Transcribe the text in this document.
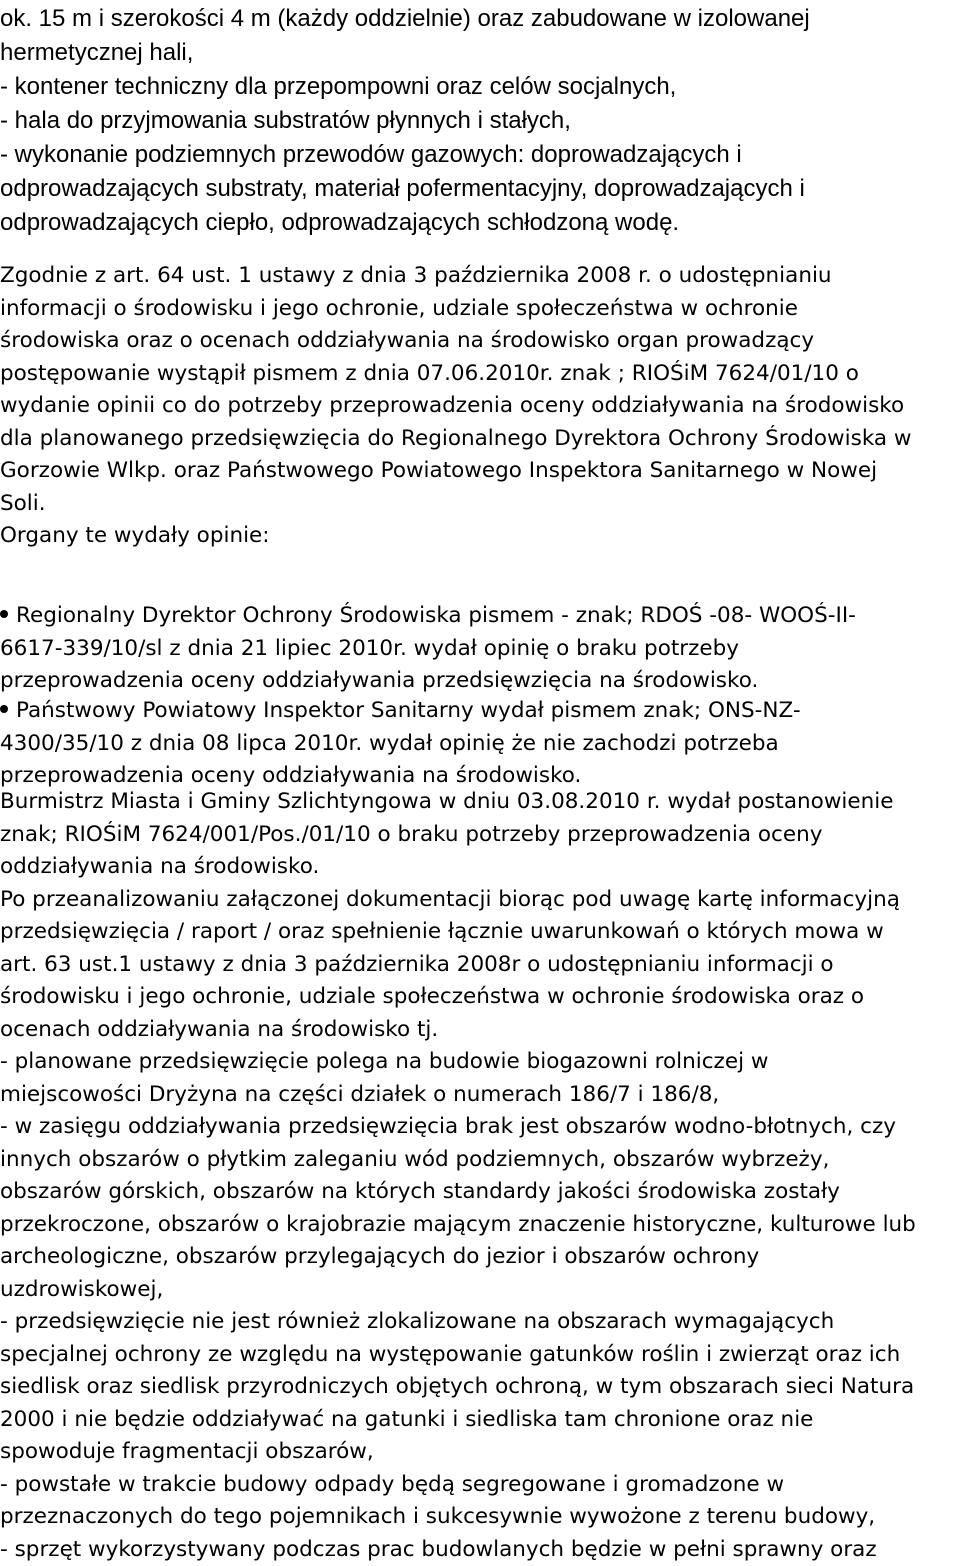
ok. 15 m i szerokości 4 m (każdy oddzielnie) oraz zabudowane w izolowanej
hermetycznej hali,
- kontener techniczny dla przepompowni oraz celów socjalnych,
- hala do przyjmowania substratów płynnych i stałych,
- wykonanie podziemnych przewodów gazowych: doprowadzających i
odprowadzających substraty, materiał pofermentacyjny, doprowadzających i
odprowadzających ciepło, odprowadzających schłodzoną wodę.
Zgodnie z art. 64 ust. 1 ustawy z dnia 3 października 2008 r. o udostępnianiu
informacji o środowisku i jego ochronie, udziale społeczeństwa w ochronie
środowiska oraz o ocenach oddziaływania na środowisko organ prowadzący
postępowanie wystąpił pismem z dnia 07.06.2010r. znak ; RIOŚiM 7624/01/10 o
wydanie opinii co do potrzeby przeprowadzenia oceny oddziaływania na środowisko
dla planowanego przedsięwzięcia do Regionalnego Dyrektora Ochrony Środowiska w
Gorzowie Wlkp. oraz Państwowego Powiatowego Inspektora Sanitarnego w Nowej
Soli.
Organy te wydały opinie:
Regionalny Dyrektor Ochrony Środowiska pismem - znak; RDOŚ -08- WOOŚ-II-
6617-339/10/sl z dnia 21 lipiec 2010r. wydał opinię o braku potrzeby
przeprowadzenia oceny oddziaływania przedsięwzięcia na środowisko.
Państwowy Powiatowy Inspektor Sanitarny wydał pismem znak; ONS-NZ-
4300/35/10 z dnia 08 lipca 2010r. wydał opinię że nie zachodzi potrzeba
przeprowadzenia oceny oddziaływania na środowisko.
Burmistrz Miasta i Gminy Szlichtyngowa w dniu 03.08.2010 r. wydał postanowienie
znak; RIOŚiM 7624/001/Pos./01/10 o braku potrzeby przeprowadzenia oceny
oddziaływania na środowisko.
Po przeanalizowaniu załączonej dokumentacji biorąc pod uwagę kartę informacyjną
przedsięwzięcia / raport / oraz spełnienie łącznie uwarunkowań o których mowa w
art. 63 ust.1 ustawy z dnia 3 października 2008r o udostępnianiu informacji o
środowisku i jego ochronie, udziale społeczeństwa w ochronie środowiska oraz o
ocenach oddziaływania na środowisko tj.
- planowane przedsięwzięcie polega na budowie biogazowni rolniczej w
miejscowości Dryżyna na części działek o numerach 186/7 i 186/8,
- w zasięgu oddziaływania przedsięwzięcia brak jest obszarów wodno-błotnych, czy
innych obszarów o płytkim zaleganiu wód podziemnych, obszarów wybrzeży,
obszarów górskich, obszarów na których standardy jakości środowiska zostały
przekroczone, obszarów o krajobrazie mającym znaczenie historyczne, kulturowe lub
archeologiczne, obszarów przylegających do jezior i obszarów ochrony
uzdrowiskowej,
- przedsięwzięcie nie jest również zlokalizowane na obszarach wymagających
specjalnej ochrony ze względu na występowanie gatunków roślin i zwierząt oraz ich
siedlisk oraz siedlisk przyrodniczych objętych ochroną, w tym obszarach sieci Natura
2000 i nie będzie oddziaływać na gatunki i siedliska tam chronione oraz nie
spowoduje fragmentacji obszarów,
- powstałe w trakcie budowy odpady będą segregowane i gromadzone w
przeznaczonych do tego pojemnikach i sukcesywnie wywożone z terenu budowy,
- sprzęt wykorzystywany podczas prac budowlanych będzie w pełni sprawny oraz
